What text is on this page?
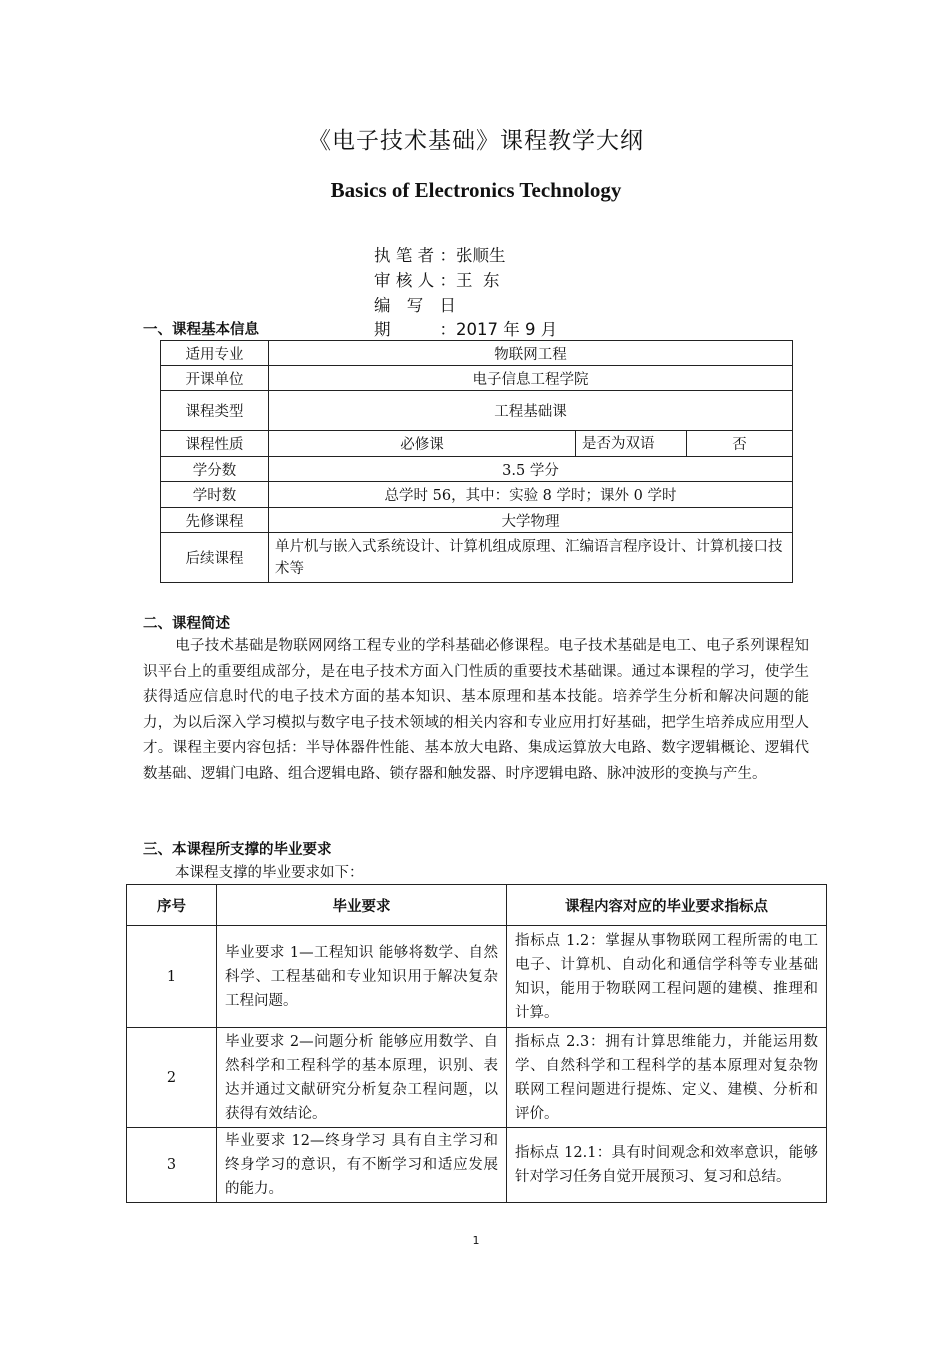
《电子技术基础》课程教学大纲
Basics of Electronics Technology
执笔者：张顺生
审核人：王  东
编写日期：2017 年 9 月
一、课程基本信息
适用专业	物联网工程		
开课单位	电子信息工程学院		
课程类型	工程基础课		
课程性质	必修课	是否为双语	否
学分数	3.5 学分		
学时数	总学时 56，其中：实验 8 学时；课外 0 学时		
先修课程	大学物理		
后续课程	单片机与嵌入式系统设计、计算机组成原理、汇编语言程序设计、计算机接口技术等		
二、课程简述
电子技术基础是物联网网络工程专业的学科基础必修课程。电子技术基础是电工、电子系列课程知识平台上的重要组成部分，是在电子技术方面入门性质的重要技术基础课。通过本课程的学习，使学生获得适应信息时代的电子技术方面的基本知识、基本原理和基本技能。培养学生分析和解决问题的能力，为以后深入学习模拟与数字电子技术领域的相关内容和专业应用打好基础，把学生培养成应用型人才。课程主要内容包括：半导体器件性能、基本放大电路、集成运算放大电路、数字逻辑概论、逻辑代数基础、逻辑门电路、组合逻辑电路、锁存器和触发器、时序逻辑电路、脉冲波形的变换与产生。
三、本课程所支撑的毕业要求
本课程支撑的毕业要求如下：
序号	毕业要求	课程内容对应的毕业要求指标点
1	毕业要求 1—工程知识 能够将数学、自然科学、工程基础和专业知识用于解决复杂工程问题。	指标点 1.2：掌握从事物联网工程所需的电工电子、计算机、自动化和通信学科等专业基础知识，能用于物联网工程问题的建模、推理和计算。
2	毕业要求 2—问题分析 能够应用数学、自然科学和工程科学的基本原理，识别、表达并通过文献研究分析复杂工程问题，以获得有效结论。	指标点 2.3：拥有计算思维能力，并能运用数学、自然科学和工程科学的基本原理对复杂物联网工程问题进行提炼、定义、建模、分析和评价。
3	毕业要求 12—终身学习 具有自主学习和终身学习的意识，有不断学习和适应发展的能力。	指标点 12.1：具有时间观念和效率意识，能够针对学习任务自觉开展预习、复习和总结。
1
